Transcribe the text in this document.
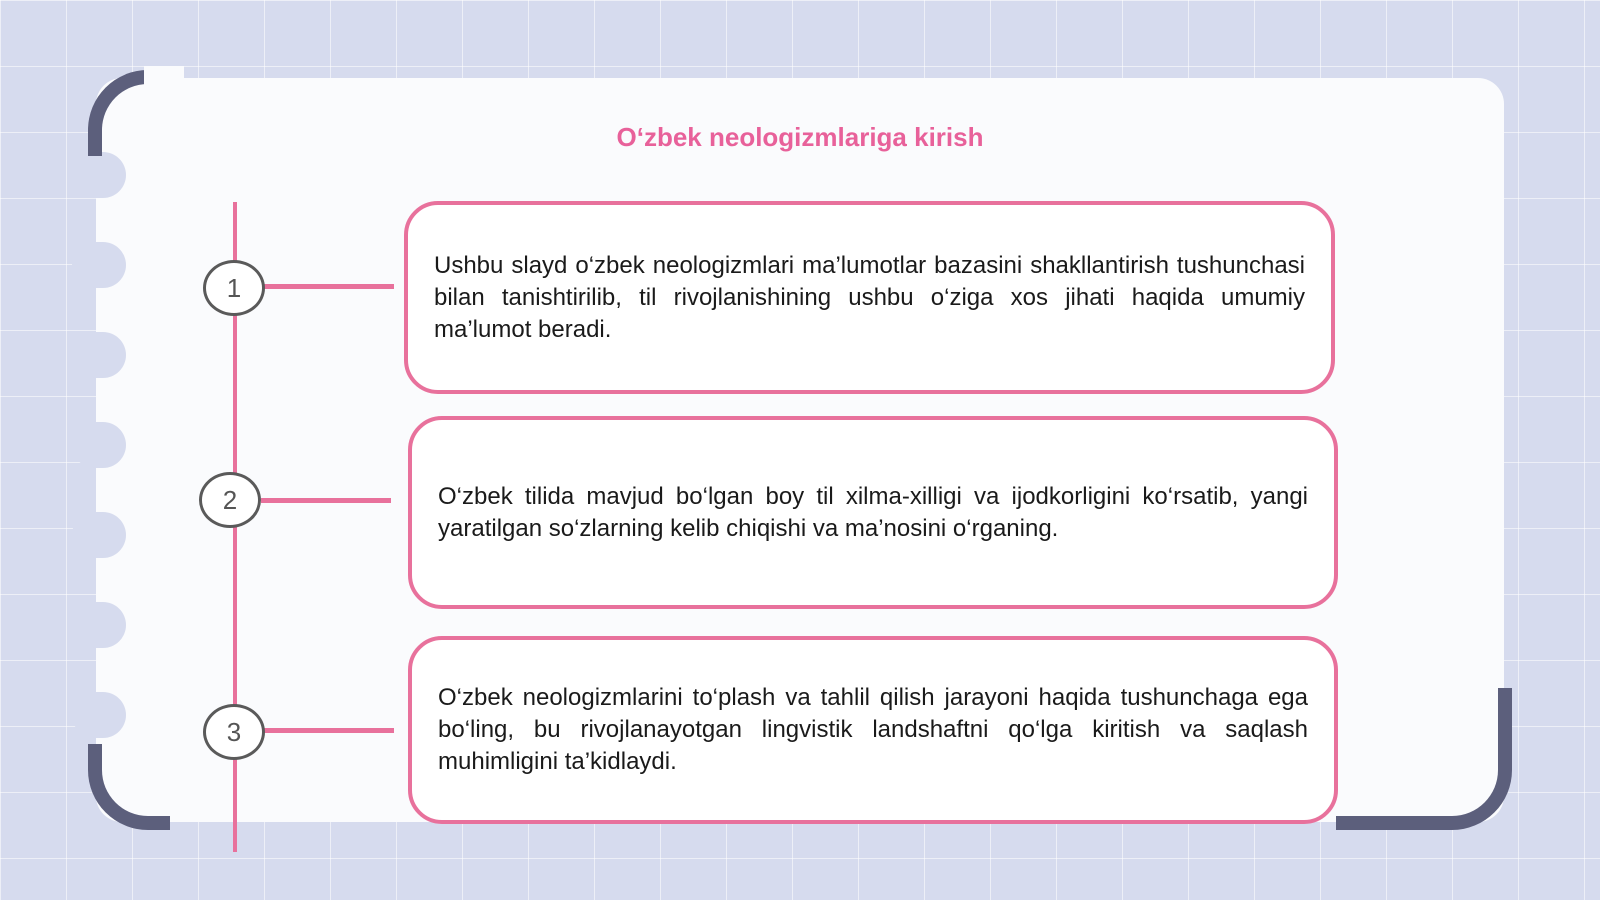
O‘zbek neologizmlariga kirish
1

Ushbu slayd o‘zbek neologizmlari ma’lumotlar bazasini shakllantirish tushunchasi bilan tanishtirilib, til rivojlanishining ushbu o‘ziga xos jihati haqida umumiy ma’lumot beradi.

2	O‘zbek tilida mavjud bo‘lgan boy til xilma-xilligi va ijodkorligini ko‘rsatib, yangi yaratilgan so‘zlarning kelib chiqishi va ma’nosini o‘rganing.

3

O‘zbek neologizmlarini to‘plash va tahlil qilish jarayoni haqida tushunchaga ega bo‘ling, bu rivojlanayotgan lingvistik landshaftni qo‘lga kiritish va saqlash muhimligini ta’kidlaydi.
